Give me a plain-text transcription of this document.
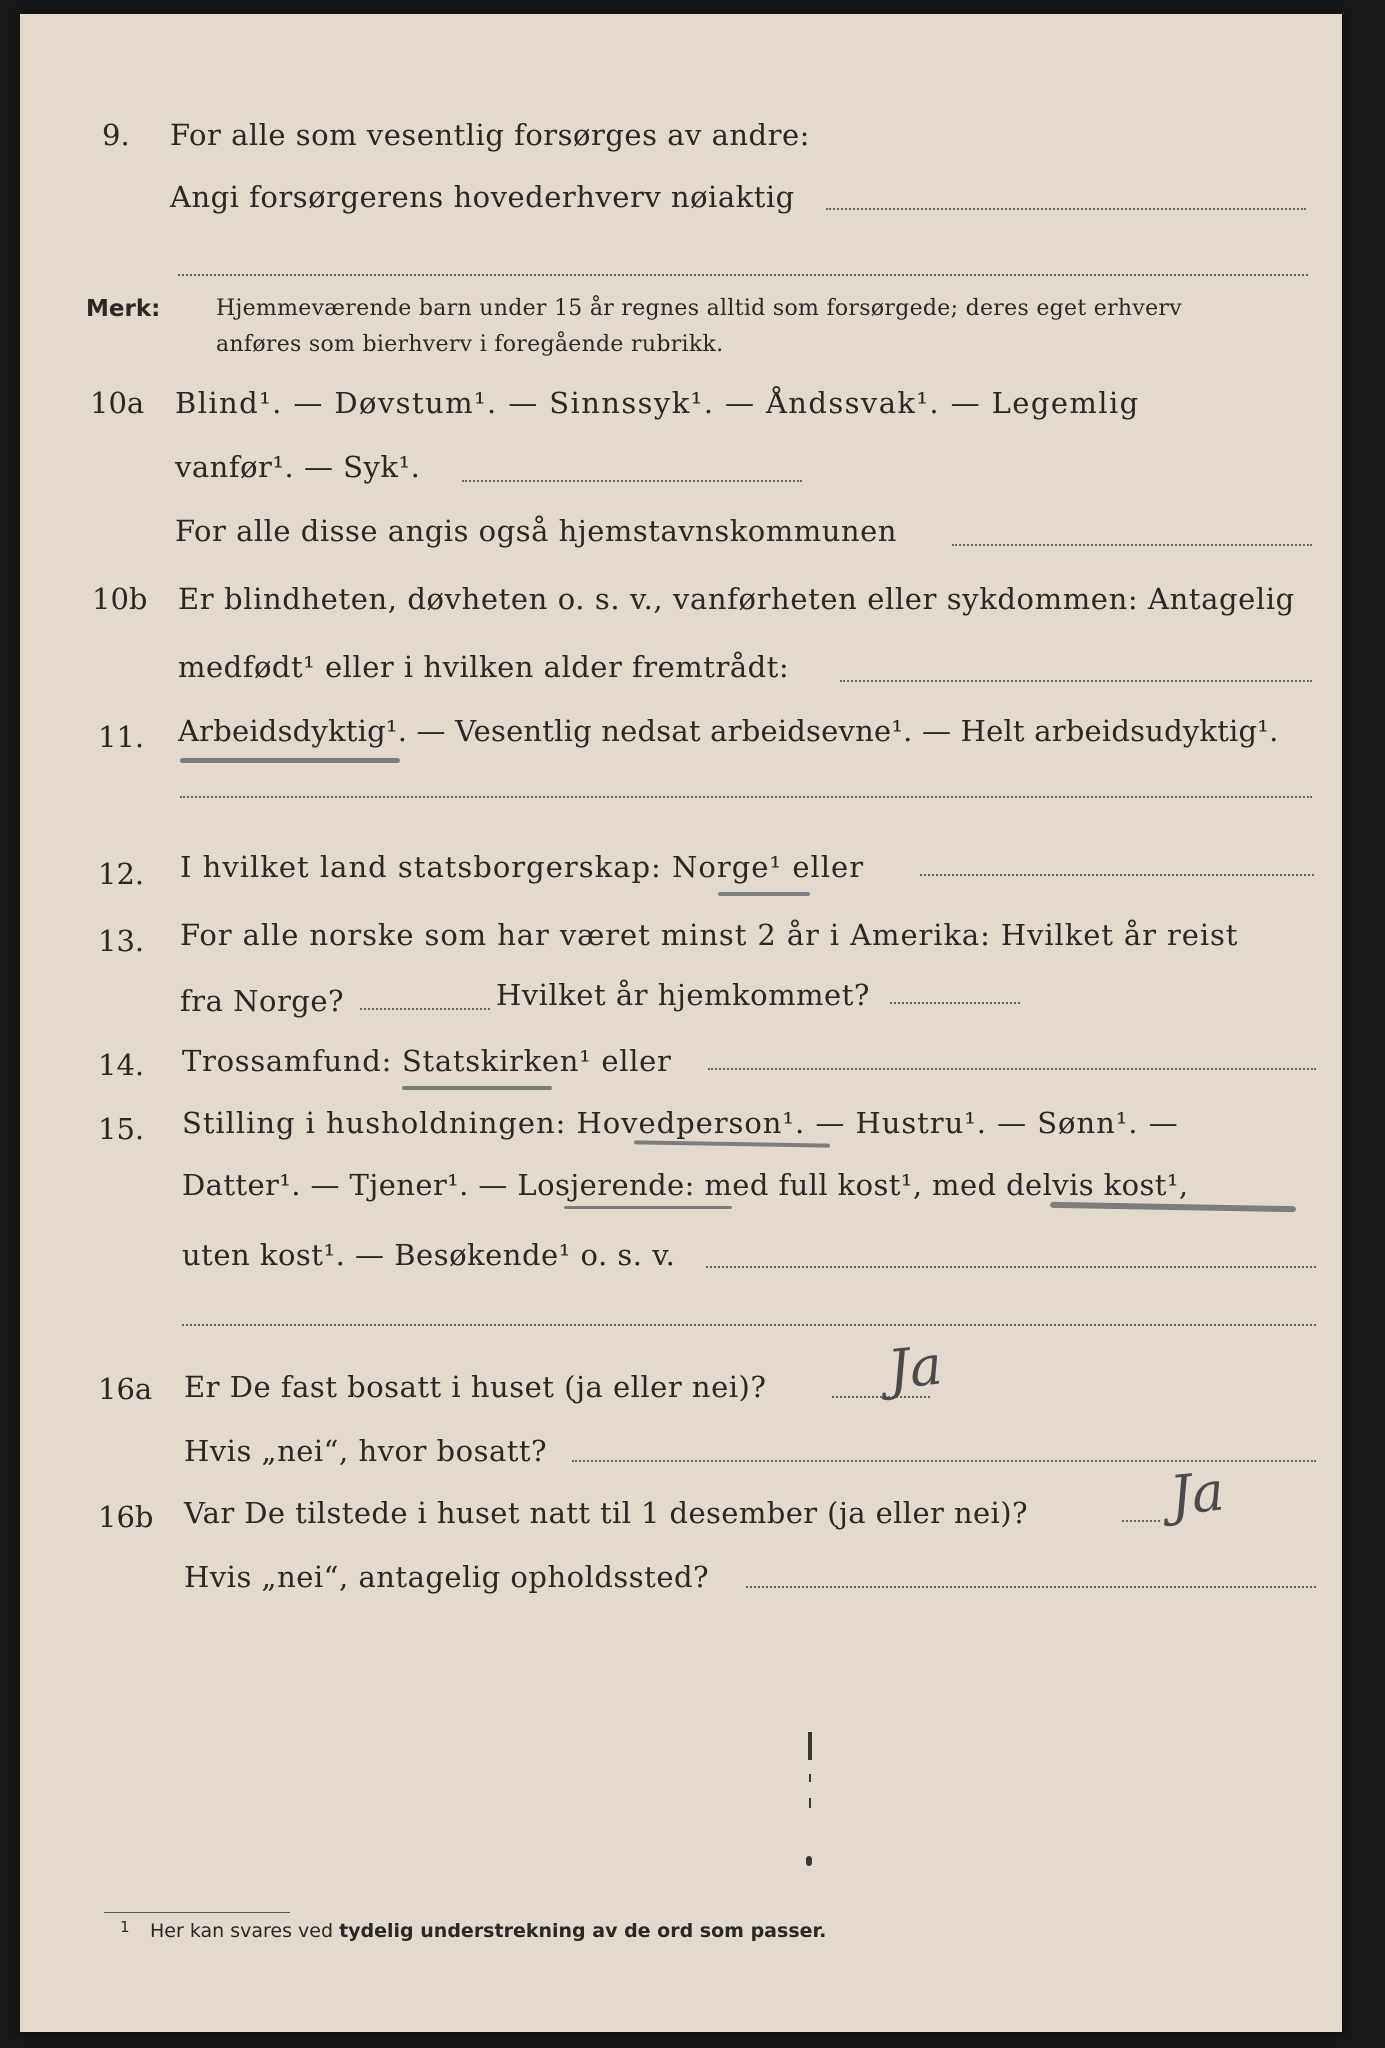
9. For alle som vesentlig forsørges av andre:
Angi forsørgerens hovederhverv nøiaktig
Merk:	Hjemmeværende barn under 15 år regnes alltid som forsørgede; deres eget erhverv
anføres som bierhverv i foregående rubrikk.
10a Blind¹. — Døvstum¹. — Sinnssyk¹. — Åndssvak¹. — Legemlig
vanfør¹. — Syk¹.
For alle disse angis også hjemstavnskommunen
10b Er blindheten, døvheten o. s. v., vanførheten eller sykdommen: Antagelig
medfødt¹ eller i hvilken alder fremtrådt:
11. Arbeidsdyktig¹. — Vesentlig nedsat arbeidsevne¹. — Helt arbeidsudyktig¹.
12. I hvilket land statsborgerskap: Norge¹ eller
13. For alle norske som har været minst 2 år i Amerika: Hvilket år reist
fra Norge?	Hvilket år hjemkommet?
14. Trossamfund: Statskirken¹ eller
15. Stilling i husholdningen: Hovedperson¹. — Hustru¹. — Sønn¹. —
Datter¹. — Tjener¹. — Losjerende: med full kost¹, med delvis kost¹,
uten kost¹. — Besøkende¹ o. s. v.
16a Er De fast bosatt i huset (ja eller nei)? Ja
Hvis „nei“, hvor bosatt?
16b Var De tilstede i huset natt til 1 desember (ja eller nei)?	Ja
Hvis „nei“, antagelig opholdssted?
1 Her kan svares ved tydelig understrekning av de ord som passer.
